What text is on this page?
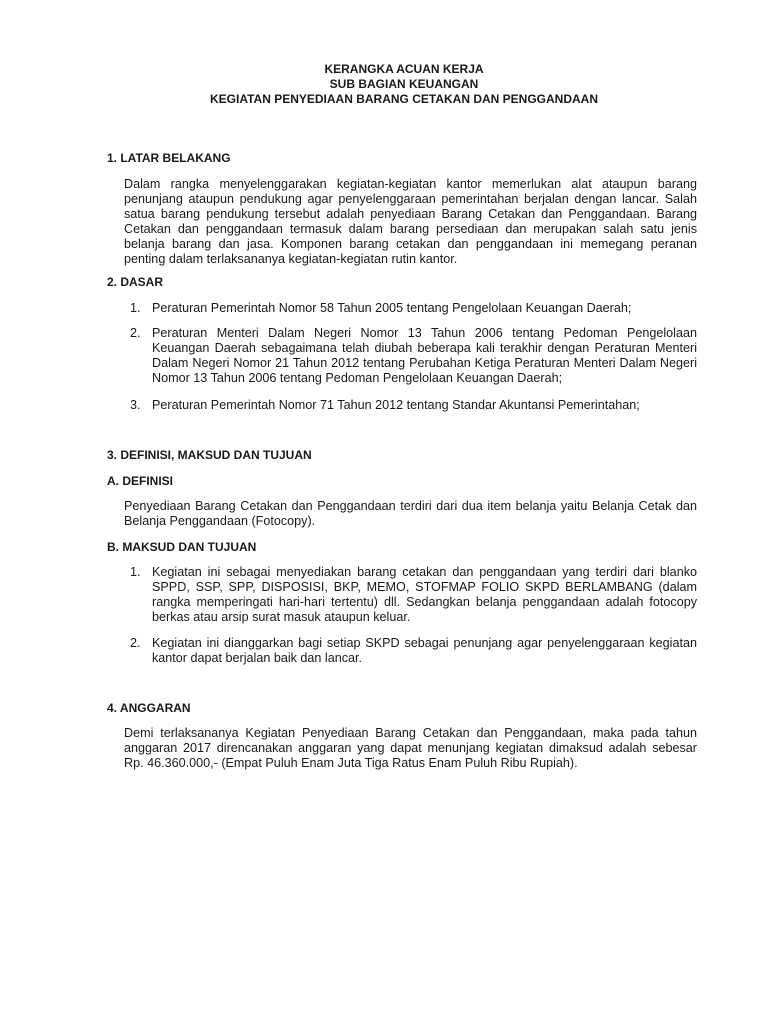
KERANGKA ACUAN KERJA
SUB BAGIAN KEUANGAN
KEGIATAN PENYEDIAAN BARANG CETAKAN DAN PENGGANDAAN
1. LATAR BELAKANG
Dalam rangka menyelenggarakan kegiatan-kegiatan kantor memerlukan alat ataupun barang penunjang ataupun pendukung agar penyelenggaraan pemerintahan berjalan dengan lancar. Salah satua barang pendukung tersebut adalah penyediaan Barang Cetakan dan Penggandaan. Barang Cetakan dan penggandaan termasuk dalam barang persediaan dan merupakan salah satu jenis belanja barang dan jasa. Komponen barang cetakan dan penggandaan ini memegang peranan penting dalam terlaksananya kegiatan-kegiatan rutin kantor.
2. DASAR
1. Peraturan Pemerintah Nomor 58 Tahun 2005 tentang Pengelolaan Keuangan Daerah;
2. Peraturan Menteri Dalam Negeri Nomor 13 Tahun 2006 tentang Pedoman Pengelolaan Keuangan Daerah sebagaimana telah diubah beberapa kali terakhir dengan Peraturan Menteri Dalam Negeri Nomor 21 Tahun 2012 tentang Perubahan Ketiga Peraturan Menteri Dalam Negeri Nomor 13 Tahun 2006 tentang Pedoman Pengelolaan Keuangan Daerah;
3. Peraturan Pemerintah Nomor 71 Tahun 2012 tentang Standar Akuntansi Pemerintahan;
3. DEFINISI, MAKSUD DAN TUJUAN
A. DEFINISI
Penyediaan Barang Cetakan dan Penggandaan terdiri dari dua item belanja yaitu Belanja Cetak dan Belanja Penggandaan (Fotocopy).
B. MAKSUD DAN TUJUAN
1. Kegiatan ini sebagai menyediakan barang cetakan dan penggandaan yang terdiri dari blanko SPPD, SSP, SPP, DISPOSISI, BKP, MEMO, STOFMAP FOLIO SKPD BERLAMBANG (dalam rangka memperingati hari-hari tertentu) dll. Sedangkan belanja penggandaan adalah fotocopy berkas atau arsip surat masuk ataupun keluar.
2. Kegiatan ini dianggarkan bagi setiap SKPD sebagai penunjang agar penyelenggaraan kegiatan kantor dapat berjalan baik dan lancar.
4. ANGGARAN
Demi terlaksananya Kegiatan Penyediaan Barang Cetakan dan Penggandaan, maka pada tahun anggaran 2017 direncanakan anggaran yang dapat menunjang kegiatan dimaksud adalah sebesar Rp. 46.360.000,- (Empat Puluh Enam Juta Tiga Ratus Enam Puluh Ribu Rupiah).
